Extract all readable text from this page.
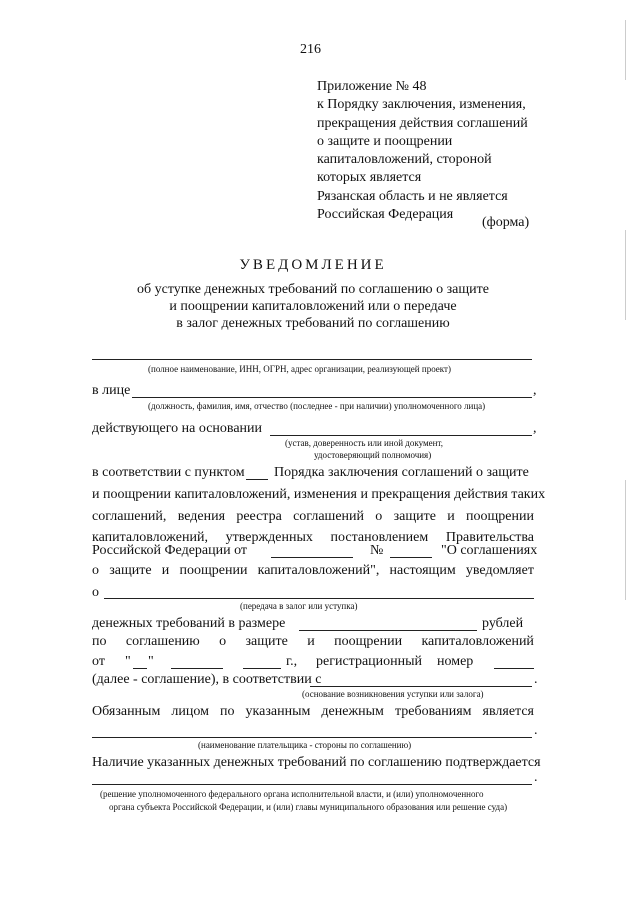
216
Приложение № 48
к Порядку заключения, изменения,
прекращения действия соглашений
о защите и поощрении
капиталовложений, стороной
которых является
Рязанская область и не является
Российская Федерация
(форма)
УВЕДОМЛЕНИЕ
об уступке денежных требований по соглашению о защите
и поощрении капиталовложений или о передаче
в залог денежных требований по соглашению
(полное наименование, ИНН, ОГРН, адрес организации, реализующей проект)
в лице	,
(должность, фамилия, имя, отчество (последнее - при наличии) уполномоченного лица)
действующего на основании	,
(устав, доверенность или иной документ,
удостоверяющий полномочия)
в соответствии с пунктом Порядка заключения соглашений о защите
и поощрении капиталовложений, изменения и прекращения действия таких
соглашений, ведения реестра соглашений о защите и поощрении
капиталовложений, утвержденных постановлением Правительства
Российской Федерации от	№	"О соглашениях
о защите и поощрении капиталовложений", настоящим уведомляет
о
(передача в залог или уступка)
денежных требований в размере	рублей
по соглашению о защите и поощрении капиталовложений
от " "	г., регистрационный номер
(далее - соглашение), в соответствии с	.
(основание возникновения уступки или залога)
Обязанным лицом по указанным денежным требованиям является
.
(наименование плательщика - стороны по соглашению)
Наличие указанных денежных требований по соглашению подтверждается
.
(решение уполномоченного федерального органа исполнительной власти, и (или) уполномоченного
органа субъекта Российской Федерации, и (или) главы муниципального образования или решение суда)
